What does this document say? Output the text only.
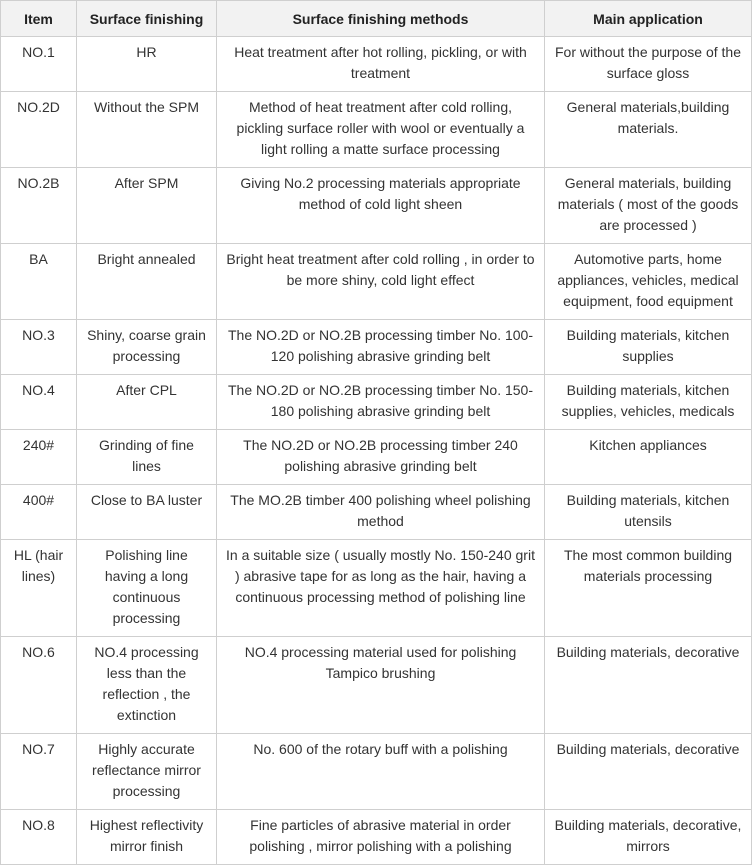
Item	Surface finishing	Surface finishing methods	Main application
NO.1	HR	Heat treatment after hot rolling, pickling, or with treatment	For without the purpose of the surface gloss
NO.2D	Without the SPM	Method of heat treatment after cold rolling, pickling surface roller with wool or eventually a light rolling a matte surface processing	General materials,building materials.
NO.2B	After SPM	Giving No.2 processing materials appropriate method of cold light sheen	General materials, building materials ( most of the goods are processed )
BA	Bright annealed	Bright heat treatment after cold rolling , in order to be more shiny, cold light effect	Automotive parts, home appliances, vehicles, medical equipment, food equipment
NO.3	Shiny, coarse grain processing	The NO.2D or NO.2B processing timber No. 100-120 polishing abrasive grinding belt	Building materials, kitchen supplies
NO.4	After CPL	The NO.2D or NO.2B processing timber No. 150-180 polishing abrasive grinding belt	Building materials, kitchen supplies, vehicles, medicals
240#	Grinding of fine lines	The NO.2D or NO.2B processing timber 240 polishing abrasive grinding belt	Kitchen appliances
400#	Close to BA luster	The MO.2B timber 400 polishing wheel polishing method	Building materials, kitchen utensils
HL (hair lines)	Polishing line having a long continuous processing	In a suitable size ( usually mostly No. 150-240 grit ) abrasive tape for as long as the hair, having a continuous processing method of polishing line	The most common building materials processing
NO.6	NO.4 processing less than the reflection , the extinction	NO.4 processing material used for polishing Tampico brushing	Building materials, decorative
NO.7	Highly accurate reflectance mirror processing	No. 600 of the rotary buff with a polishing	Building materials, decorative
NO.8	Highest reflectivity mirror finish	Fine particles of abrasive material in order polishing , mirror polishing with a polishing	Building materials, decorative, mirrors
